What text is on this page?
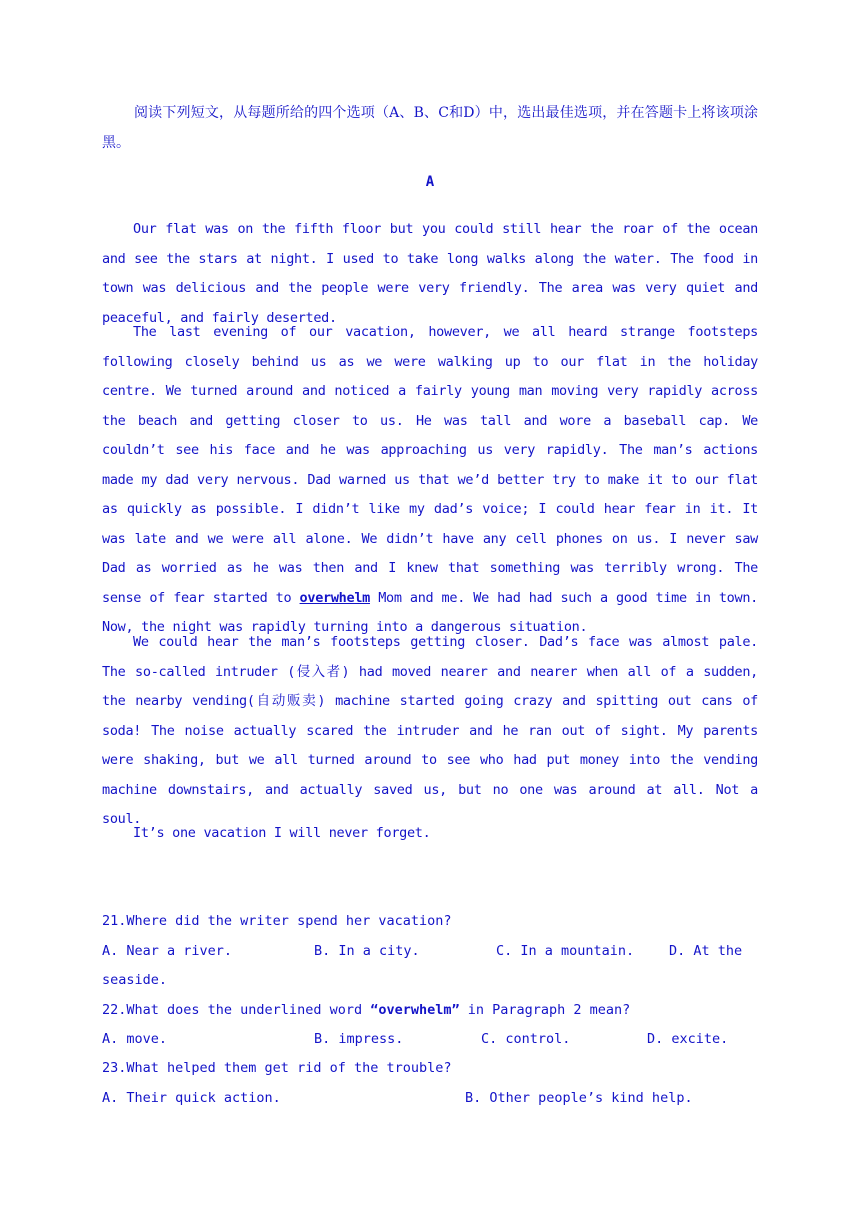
阅读下列短文，从每题所给的四个选项（A、B、C和D）中，选出最佳选项，并在答题卡上将该项涂黑。
A

Our flat was on the fifth floor but you could still hear the roar of the ocean and see the stars at night. I used to take long walks along the water. The food in town was delicious and the people were very friendly. The area was very quiet and peaceful, and fairly deserted.

The last evening of our vacation, however, we all heard strange footsteps following closely behind us as we were walking up to our flat in the holiday centre. We turned around and noticed a fairly young man moving very rapidly across the beach and getting closer to us. He was tall and wore a baseball cap. We couldn’t see his face and he was approaching us very rapidly. The man’s actions made my dad very nervous. Dad warned us that we’d better try to make it to our flat as quickly as possible. I didn’t like my dad’s voice; I could hear fear in it. It was late and we were all alone. We didn’t have any cell phones on us. I never saw Dad as worried as he was then and I knew that something was terribly wrong. The sense of fear started to overwhelm Mom and me. We had had such a good time in town. Now, the night was rapidly turning into a dangerous situation.

We could hear the man’s footsteps getting closer. Dad’s face was almost pale. The so-called intruder (侵入者) had moved nearer and nearer when all of a sudden, the nearby vending(自动贩卖) machine started going crazy and spitting out cans of soda! The noise actually scared the intruder and he ran out of sight. My parents were shaking, but we all turned around to see who had put money into the vending machine downstairs, and actually saved us, but no one was around at all. Not a soul.

It’s one vacation I will never forget.

21.Where did the writer spend her vacation?
A. Near a river.	B. In a city.	C. In a mountain.	D. At the
seaside.
22.What does the underlined word “overwhelm” in Paragraph 2 mean?
A. move.	B. impress.	C. control.	D. excite.
23.What helped them get rid of the trouble?
A. Their quick action.	B. Other people’s kind help.
